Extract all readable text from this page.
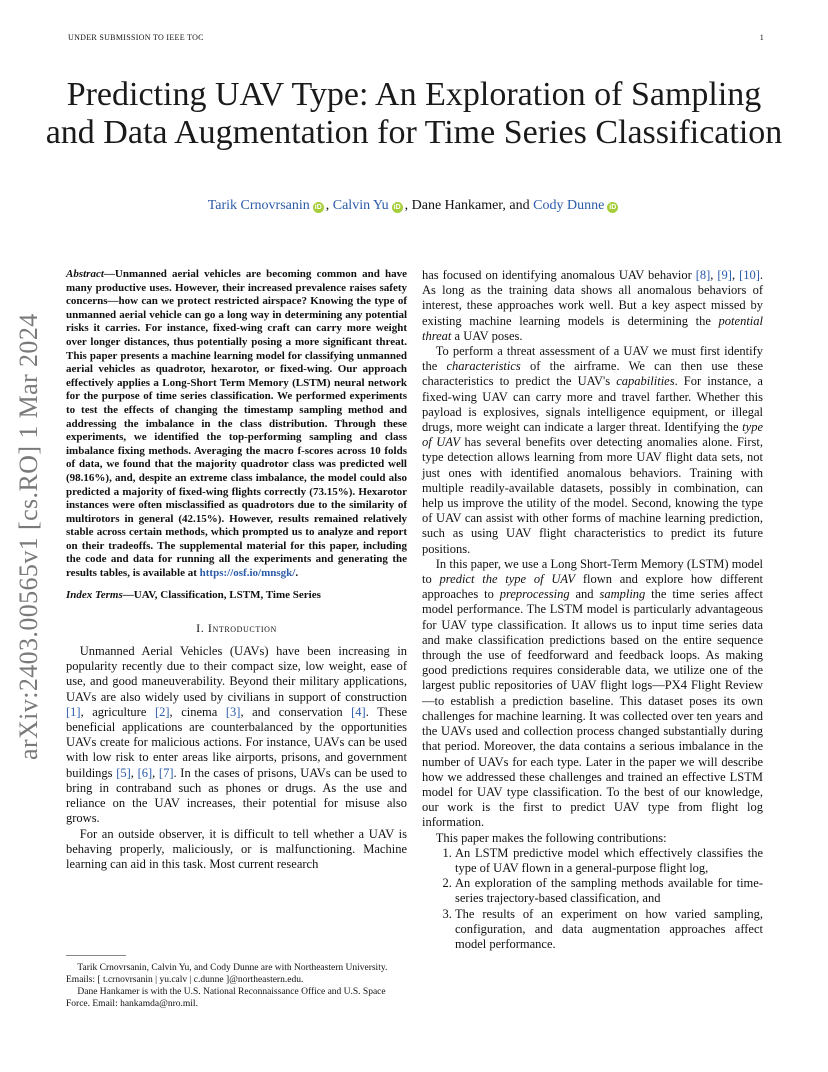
UNDER SUBMISSION TO IEEE TOC	1
Predicting UAV Type: An Exploration of Sampling and Data Augmentation for Time Series Classification
Tarik Crnovrsanin iD , Calvin Yu iD , Dane Hankamer, and Cody Dunne iD
arXiv:2403.00565v1 [cs.RO] 1 Mar 2024
Abstract—Unmanned aerial vehicles are becoming common and have many productive uses. However, their increased prevalence raises safety concerns—how can we protect restricted airspace? Knowing the type of unmanned aerial vehicle can go a long way in determining any potential risks it carries. For instance, fixed-wing craft can carry more weight over longer distances, thus potentially posing a more significant threat. This paper presents a machine learning model for classifying unmanned aerial vehicles as quadrotor, hexarotor, or fixed-wing. Our approach effectively applies a Long-Short Term Memory (LSTM) neural network for the purpose of time series classification. We performed experiments to test the effects of changing the timestamp sampling method and addressing the imbalance in the class distribution. Through these experiments, we identified the top-performing sampling and class imbalance fixing methods. Averaging the macro f-scores across 10 folds of data, we found that the majority quadrotor class was predicted well (98.16%), and, despite an extreme class imbalance, the model could also predicted a majority of fixed-wing flights correctly (73.15%). Hexarotor instances were often misclassified as quadrotors due to the similarity of multirotors in general (42.15%). However, results remained relatively stable across certain methods, which prompted us to analyze and report on their tradeoffs. The supplemental material for this paper, including the code and data for running all the experiments and generating the results tables, is available at https://osf.io/mnsgk/.
Index Terms—UAV, Classification, LSTM, Time Series
I. Introduction

Unmanned Aerial Vehicles (UAVs) have been increasing in popularity recently due to their compact size, low weight, ease of use, and good maneuverability. Beyond their military applications, UAVs are also widely used by civilians in support of construction [1], agriculture [2], cinema [3], and conservation [4]. These beneficial applications are counterbalanced by the opportunities UAVs create for malicious actions. For instance, UAVs can be used with low risk to enter areas like airports, prisons, and government buildings [5], [6], [7]. In the cases of prisons, UAVs can be used to bring in contraband such as phones or drugs. As the use and reliance on the UAV increases, their potential for misuse also grows.

For an outside observer, it is difficult to tell whether a UAV is behaving properly, maliciously, or is malfunctioning. Machine learning can aid in this task. Most current research

Tarik Crnovrsanin, Calvin Yu, and Cody Dunne are with Northeastern University. Emails: [ t.crnovrsanin | yu.calv | c.dunne ]@northeastern.edu.

Dane Hankamer is with the U.S. National Reconnaissance Office and U.S. Space Force. Email: hankamda@nro.mil.

has focused on identifying anomalous UAV behavior [8], [9], [10]. As long as the training data shows all anomalous behaviors of interest, these approaches work well. But a key aspect missed by existing machine learning models is determining the potential threat a UAV poses.

To perform a threat assessment of a UAV we must first identify the characteristics of the airframe. We can then use these characteristics to predict the UAV's capabilities. For instance, a fixed-wing UAV can carry more and travel farther. Whether this payload is explosives, signals intelligence equipment, or illegal drugs, more weight can indicate a larger threat. Identifying the type of UAV has several benefits over detecting anomalies alone. First, type detection allows learning from more UAV flight data sets, not just ones with identified anomalous behaviors. Training with multiple readily-available datasets, possibly in combination, can help us improve the utility of the model. Second, knowing the type of UAV can assist with other forms of machine learning prediction, such as using UAV flight characteristics to predict its future positions.

In this paper, we use a Long Short-Term Memory (LSTM) model to predict the type of UAV flown and explore how different approaches to preprocessing and sampling the time series affect model performance. The LSTM model is particularly advantageous for UAV type classification. It allows us to input time series data and make classification predictions based on the entire sequence through the use of feedforward and feedback loops. As making good predictions requires considerable data, we utilize one of the largest public repositories of UAV flight logs—PX4 Flight Review—to establish a prediction baseline. This dataset poses its own challenges for machine learning. It was collected over ten years and the UAVs used and collection process changed substantially during that period. Moreover, the data contains a serious imbalance in the number of UAVs for each type. Later in the paper we will describe how we addressed these challenges and trained an effective LSTM model for UAV type classification. To the best of our knowledge, our work is the first to predict UAV type from flight log information.

This paper makes the following contributions:

1. An LSTM predictive model which effectively classifies the type of UAV flown in a general-purpose flight log,
2. An exploration of the sampling methods available for time-series trajectory-based classification, and
3. The results of an experiment on how varied sampling, configuration, and data augmentation approaches affect model performance.
